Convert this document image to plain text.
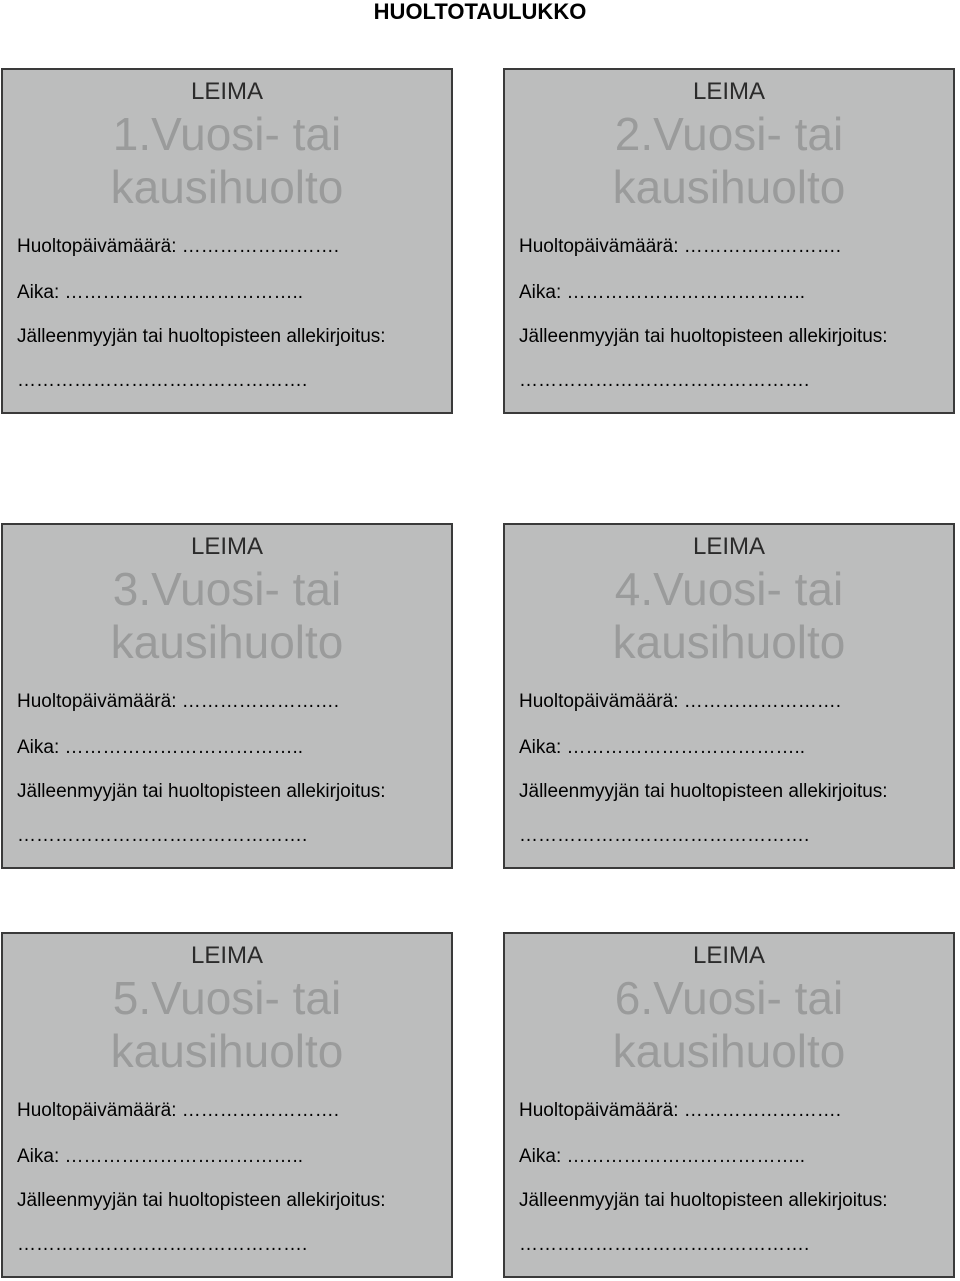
HUOLTOTAULUKKO
LEIMA
1.Vuosi- tai
kausihuolto
Huoltopäivämäärä: …………………….
Aika: ………………………………..
Jälleenmyyjän tai huoltopisteen allekirjoitus:
……………………………………….
LEIMA
2.Vuosi- tai
kausihuolto
Huoltopäivämäärä: …………………….
Aika: ………………………………..
Jälleenmyyjän tai huoltopisteen allekirjoitus:
……………………………………….
LEIMA
3.Vuosi- tai
kausihuolto
Huoltopäivämäärä: …………………….
Aika: ………………………………..
Jälleenmyyjän tai huoltopisteen allekirjoitus:
……………………………………….
LEIMA
4.Vuosi- tai
kausihuolto
Huoltopäivämäärä: …………………….
Aika: ………………………………..
Jälleenmyyjän tai huoltopisteen allekirjoitus:
……………………………………….
LEIMA
5.Vuosi- tai
kausihuolto
Huoltopäivämäärä: …………………….
Aika: ………………………………..
Jälleenmyyjän tai huoltopisteen allekirjoitus:
……………………………………….
LEIMA
6.Vuosi- tai
kausihuolto
Huoltopäivämäärä: …………………….
Aika: ………………………………..
Jälleenmyyjän tai huoltopisteen allekirjoitus:
……………………………………….
